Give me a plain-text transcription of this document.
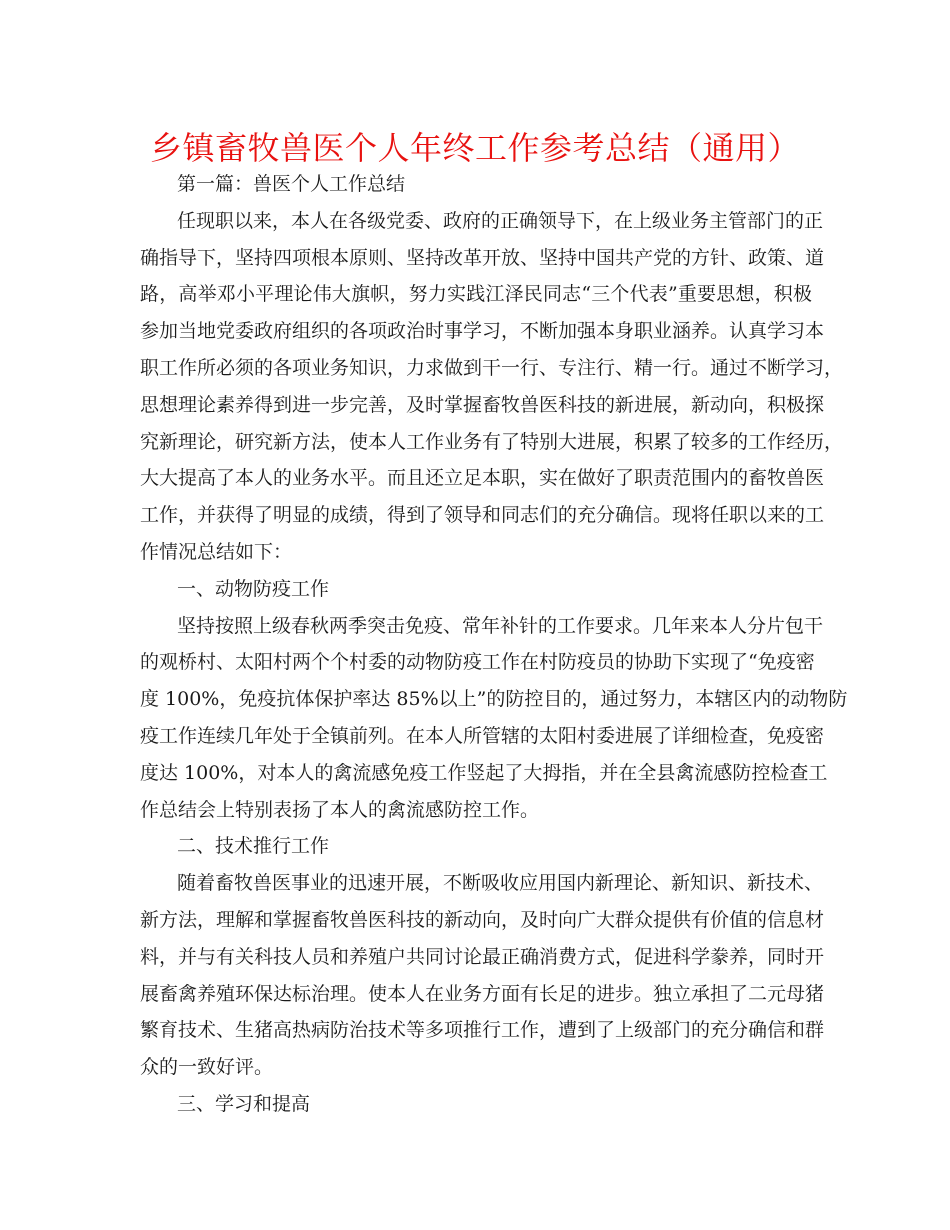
乡镇畜牧兽医个人年终工作参考总结（通用）
第一篇：兽医个人工作总结
任现职以来，本人在各级党委、政府的正确领导下，在上级业务主管部门的正
确指导下，坚持四项根本原则、坚持改革开放、坚持中国共产党的方针、政策、道
路，高举邓小平理论伟大旗帜，努力实践江泽民同志“三个代表”重要思想，积极
参加当地党委政府组织的各项政治时事学习，不断加强本身职业涵养。认真学习本
职工作所必须的各项业务知识，力求做到干一行、专注行、精一行。通过不断学习，
思想理论素养得到进一步完善，及时掌握畜牧兽医科技的新进展，新动向，积极探
究新理论，研究新方法，使本人工作业务有了特别大进展，积累了较多的工作经历，
大大提高了本人的业务水平。而且还立足本职，实在做好了职责范围内的畜牧兽医
工作，并获得了明显的成绩，得到了领导和同志们的充分确信。现将任职以来的工
作情况总结如下：
一、动物防疫工作
坚持按照上级春秋两季突击免疫、常年补针的工作要求。几年来本人分片包干
的观桥村、太阳村两个个村委的动物防疫工作在村防疫员的协助下实现了“免疫密
度 100%，免疫抗体保护率达 85%以上”的防控目的，通过努力，本辖区内的动物防
疫工作连续几年处于全镇前列。在本人所管辖的太阳村委进展了详细检查，免疫密
度达 100%，对本人的禽流感免疫工作竖起了大拇指，并在全县禽流感防控检查工
作总结会上特别表扬了本人的禽流感防控工作。
二、技术推行工作
随着畜牧兽医事业的迅速开展，不断吸收应用国内新理论、新知识、新技术、
新方法，理解和掌握畜牧兽医科技的新动向，及时向广大群众提供有价值的信息材
料，并与有关科技人员和养殖户共同讨论最正确消费方式，促进科学豢养，同时开
展畜禽养殖环保达标治理。使本人在业务方面有长足的进步。独立承担了二元母猪
繁育技术、生猪高热病防治技术等多项推行工作，遭到了上级部门的充分确信和群
众的一致好评。
三、学习和提高
